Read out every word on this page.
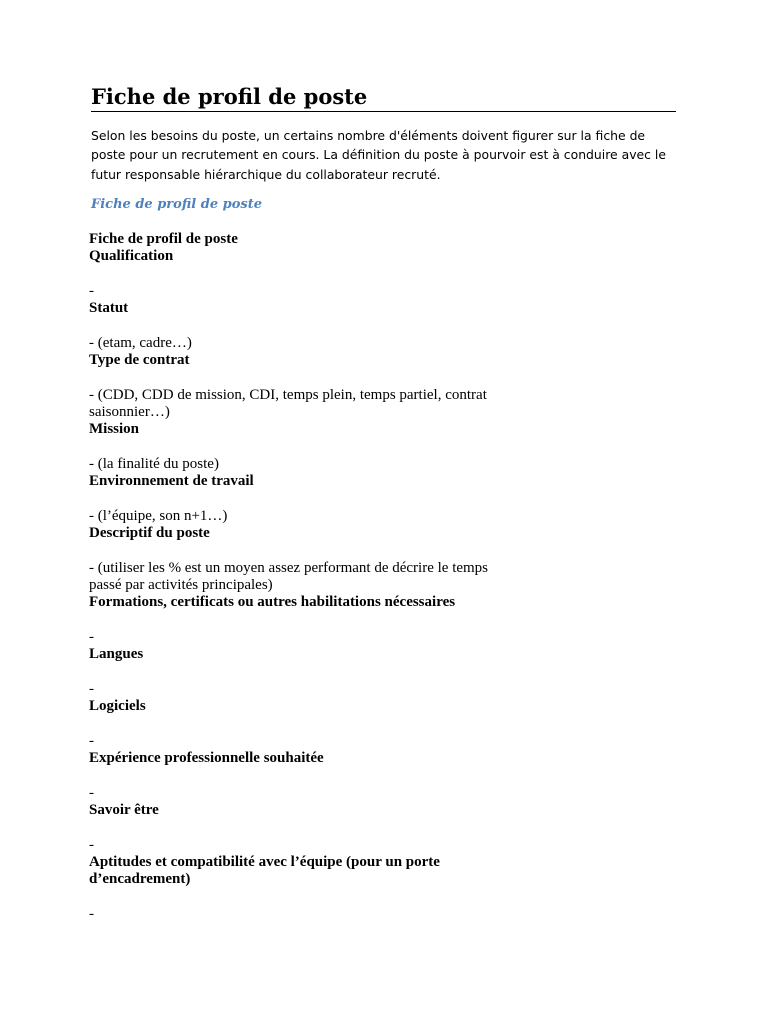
Fiche de profil de poste

Selon les besoins du poste, un certains nombre d'éléments doivent figurer sur la fiche de poste pour un recrutement en cours. La définition du poste à pourvoir est à conduire avec le futur responsable hiérarchique du collaborateur recruté.

Fiche de profil de poste

Fiche de profil de poste
Qualification
-
Statut
- (etam, cadre…)
Type de contrat
- (CDD, CDD de mission, CDI, temps plein, temps partiel, contrat saisonnier…)
Mission
- (la finalité du poste)
Environnement de travail
- (l’équipe, son n+1…)
Descriptif du poste
- (utiliser les % est un moyen assez performant de décrire le temps passé par activités principales)
Formations, certificats ou autres habilitations nécessaires
-
Langues
-
Logiciels
-
Expérience professionnelle souhaitée
-
Savoir être
-
Aptitudes et compatibilité avec l’équipe (pour un porte d’encadrement)
-
